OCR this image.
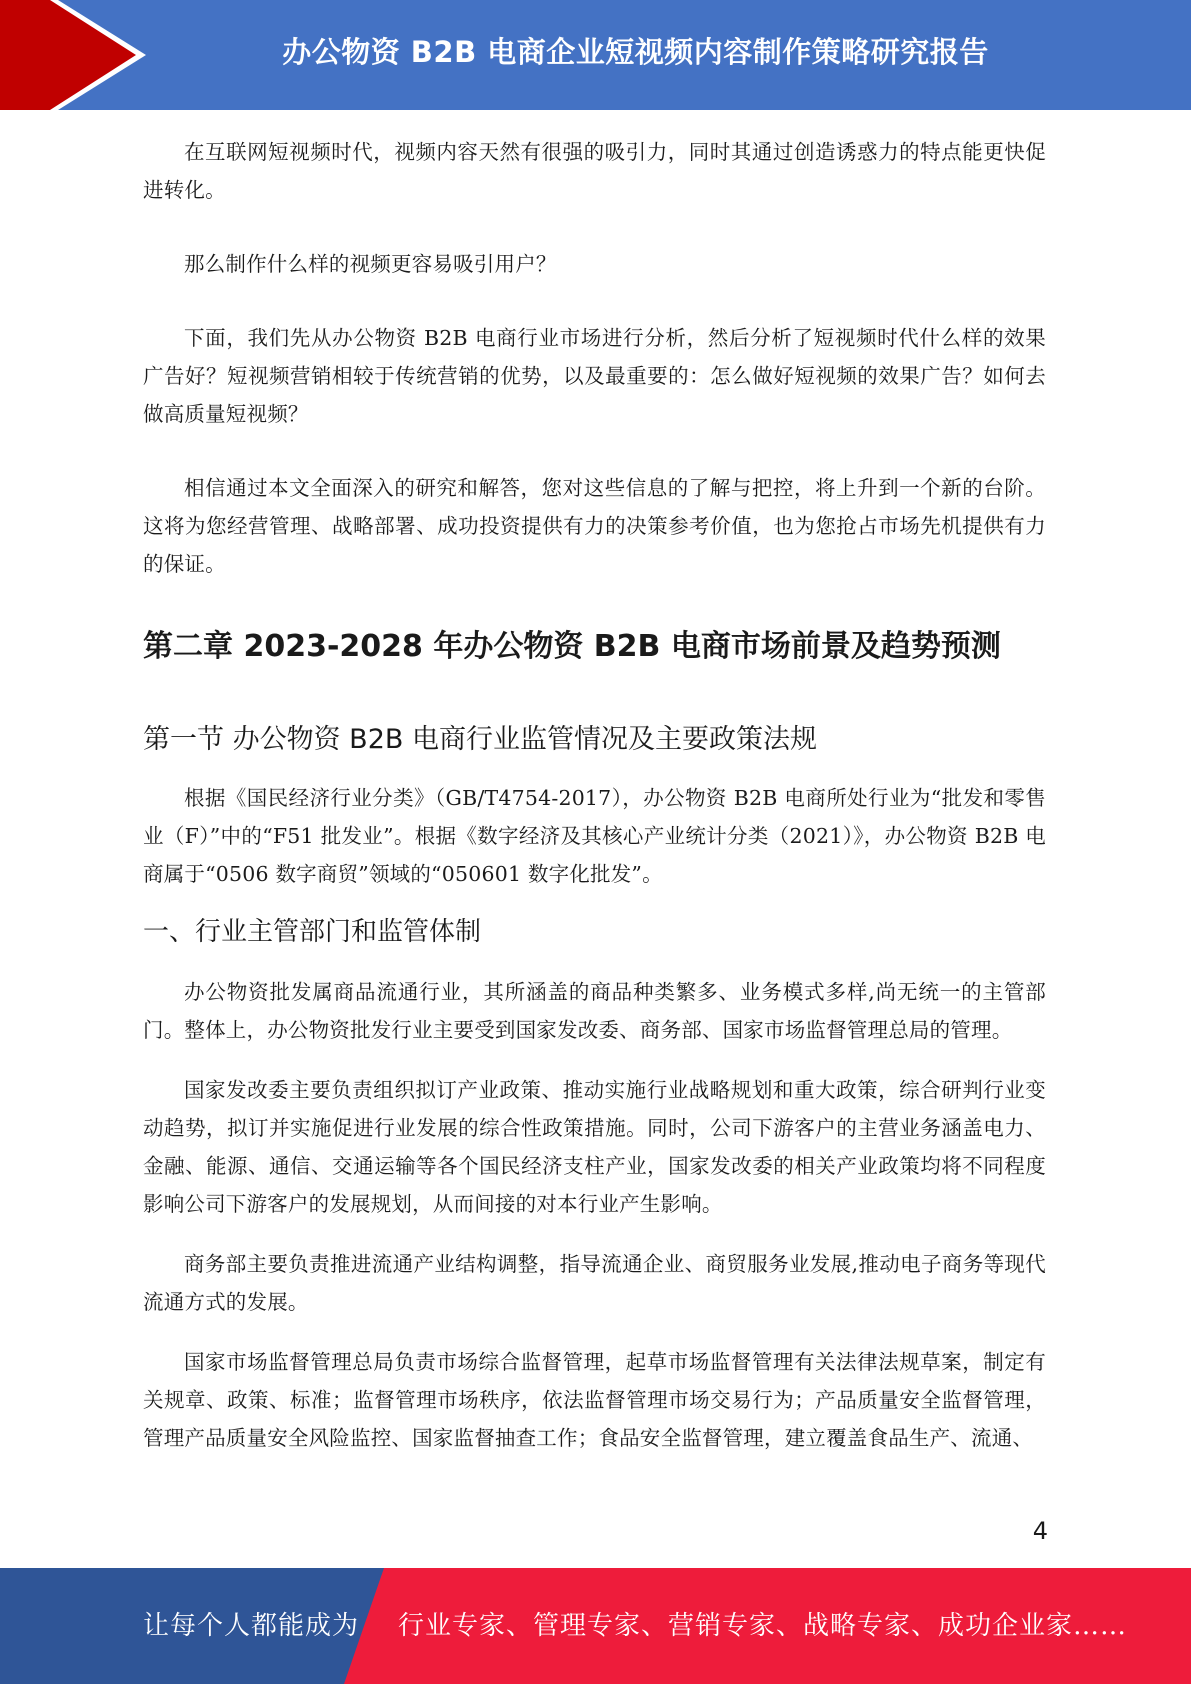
办公物资 B2B 电商企业短视频内容制作策略研究报告

在互联网短视频时代，视频内容天然有很强的吸引力，同时其通过创造诱惑力的特点能更快促进转化。

那么制作什么样的视频更容易吸引用户？

下面，我们先从办公物资 B2B 电商行业市场进行分析，然后分析了短视频时代什么样的效果广告好？短视频营销相较于传统营销的优势，以及最重要的：怎么做好短视频的效果广告？如何去做高质量短视频？

相信通过本文全面深入的研究和解答，您对这些信息的了解与把控，将上升到一个新的台阶。这将为您经营管理、战略部署、成功投资提供有力的决策参考价值，也为您抢占市场先机提供有力的保证。

第二章 2023-2028 年办公物资 B2B 电商市场前景及趋势预测
第一节 办公物资 B2B 电商行业监管情况及主要政策法规

根据《国民经济行业分类》（GB/T4754-2017），办公物资 B2B 电商所处行业为“批发和零售业（F）”中的“F51 批发业”。根据《数字经济及其核心产业统计分类（2021）》，办公物资 B2B 电商属于“0506 数字商贸”领域的“050601 数字化批发”。

一、行业主管部门和监管体制

办公物资批发属商品流通行业，其所涵盖的商品种类繁多、业务模式多样,尚无统一的主管部门。整体上，办公物资批发行业主要受到国家发改委、商务部、国家市场监督管理总局的管理。

国家发改委主要负责组织拟订产业政策、推动实施行业战略规划和重大政策，综合研判行业变动趋势，拟订并实施促进行业发展的综合性政策措施。同时，公司下游客户的主营业务涵盖电力、金融、能源、通信、交通运输等各个国民经济支柱产业，国家发改委的相关产业政策均将不同程度影响公司下游客户的发展规划，从而间接的对本行业产生影响。

商务部主要负责推进流通产业结构调整，指导流通企业、商贸服务业发展,推动电子商务等现代流通方式的发展。

国家市场监督管理总局负责市场综合监督管理，起草市场监督管理有关法律法规草案，制定有关规章、政策、标准；监督管理市场秩序，依法监督管理市场交易行为；产品质量安全监督管理，管理产品质量安全风险监控、国家监督抽查工作；食品安全监督管理，建立覆盖食品生产、流通、

4
让每个人都能成为 行业专家、管理专家、营销专家、战略专家、成功企业家……
